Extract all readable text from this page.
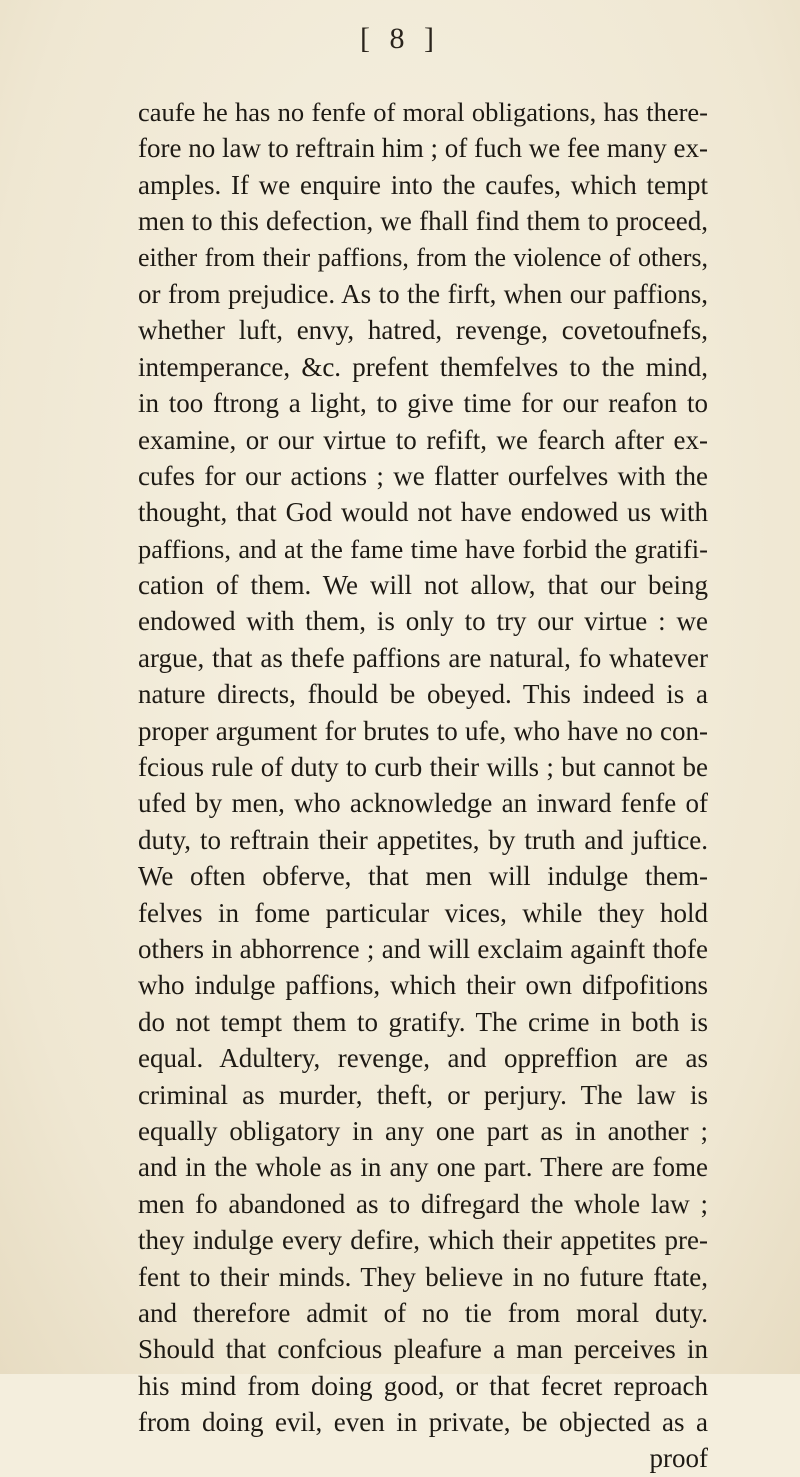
[ 8 ]
caufe he has no fenfe of moral obligations, has there-
fore no law to reftrain him ; of fuch we fee many ex-
amples. If we enquire into the caufes, which tempt
men to this defection, we fhall find them to proceed,
either from their paffions, from the violence of others,
or from prejudice. As to the firft, when our paffions,
whether luft, envy, hatred, revenge, covetoufnefs,
intemperance, &c. prefent themfelves to the mind,
in too ftrong a light, to give time for our reafon to
examine, or our virtue to refift, we fearch after ex-
cufes for our actions ; we flatter ourfelves with the
thought, that God would not have endowed us with
paffions, and at the fame time have forbid the gratifi-
cation of them. We will not allow, that our being
endowed with them, is only to try our virtue : we
argue, that as thefe paffions are natural, fo whatever
nature directs, fhould be obeyed. This indeed is a
proper argument for brutes to ufe, who have no con-
fcious rule of duty to curb their wills ; but cannot be
ufed by men, who acknowledge an inward fenfe of
duty, to reftrain their appetites, by truth and juftice.
We often obferve, that men will indulge them-
felves in fome particular vices, while they hold
others in abhorrence ; and will exclaim againft thofe
who indulge paffions, which their own difpofitions
do not tempt them to gratify. The crime in both is
equal. Adultery, revenge, and oppreffion are as
criminal as murder, theft, or perjury. The law is
equally obligatory in any one part as in another ;
and in the whole as in any one part. There are fome
men fo abandoned as to difregard the whole law ;
they indulge every defire, which their appetites pre-
fent to their minds. They believe in no future ftate,
and therefore admit of no tie from moral duty.
Should that confcious pleafure a man perceives in
his mind from doing good, or that fecret reproach
from doing evil, even in private, be objected as a
proof
